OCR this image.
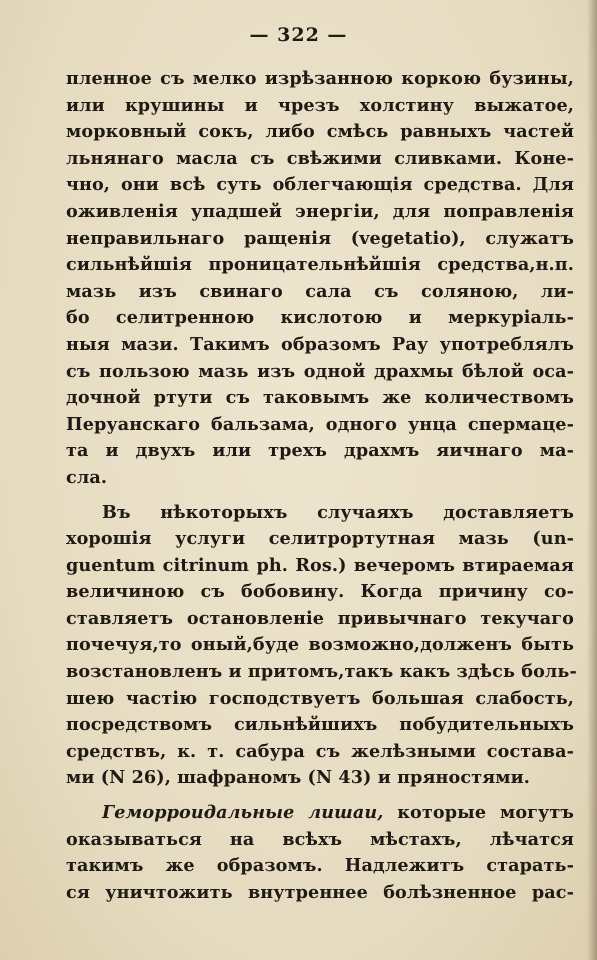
— 322 —
пленное съ мелко изрѣзанною коркою бузины,
или крушины и чрезъ холстину выжатое,
морковный сокъ, либо смѣсь равныхъ частей
льнянаго масла съ свѣжими сливками. Коне-
чно, они всѣ суть облегчающія средства. Для
оживленія упадшей энергіи, для поправленія
неправильнаго ращенія (vegetatio), служатъ
сильнѣйшія проницательнѣйшія средства,н.п.
мазь изъ свинаго сала съ соляною, ли-
бо селитренною кислотою и меркуріаль-
ныя мази. Такимъ образомъ Рау употреблялъ
съ пользою мазь изъ одной драхмы бѣлой оса-
дочной ртути съ таковымъ же количествомъ
Перуанскаго бальзама, одного унца спермаце-
та и двухъ или трехъ драхмъ яичнаго ма-
сла.
Въ нѣкоторыхъ случаяхъ доставляетъ
хорошія услуги селитрортутная мазь (un-
guentum citrinum ph. Ros.) вечеромъ втираемая
величиною съ бобовину. Когда причину со-
ставляетъ остановленіе привычнаго текучаго
почечуя,то оный,буде возможно,долженъ быть
возстановленъ и притомъ,такъ какъ здѣсь боль-
шею частію господствуетъ большая слабость,
посредствомъ сильнѣйшихъ побудительныхъ
средствъ, к. т. сабура съ желѣзными состава-
ми (N 26), шафраномъ (N 43) и пряностями.
Геморроидальные лишаи, которые могутъ
оказываться на всѣхъ мѣстахъ, лѣчатся
такимъ же образомъ. Надлежитъ старать-
ся уничтожить внутреннее болѣзненное рас-
